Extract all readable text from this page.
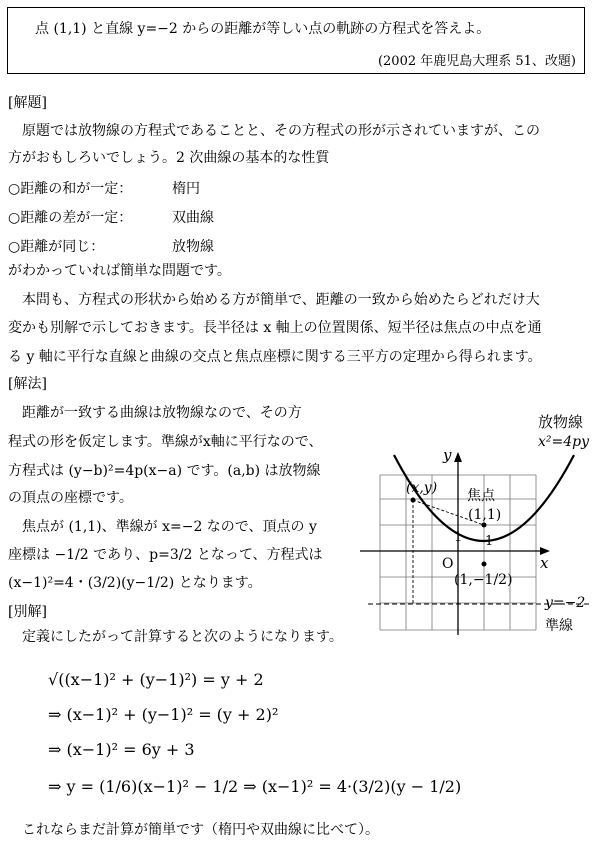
点 (1,1) と直線 y=−2 からの距離が等しい点の軌跡の方程式を答えよ。
(2002 年鹿児島大理系 51、改題)
[解題]
原題では放物線の方程式であることと、その方程式の形が示されていますが、この
方がおもしろいでしょう。2 次曲線の基本的な性質
○距離の和が一定：	楕円
○距離の差が一定：	双曲線
○距離が同じ：	放物線
がわかっていれば簡単な問題です。
本問も、方程式の形状から始める方が簡単で、距離の一致から始めたらどれだけ大
変かも別解で示しておきます。長半径は x 軸上の位置関係、短半径は焦点の中点を通
る y 軸に平行な直線と曲線の交点と焦点座標に関する三平方の定理から得られます。
[解法]
距離が一致する曲線は放物線なので、その方
程式の形を仮定します。準線がx軸に平行なので、
方程式は (y−b)²=4p(x−a) です。(a,b) は放物線
の頂点の座標です。
焦点が (1,1)、準線が x=−2 なので、頂点の y
座標は −1/2 であり、p=3/2 となって、方程式は
(x−1)²=4・(3/2)(y−1/2) となります。
放物線
x²=4py
y
x
O
(x,y) 焦点
(1,1)
1 1
(1,−1/2)
y=−2
準線
[別解]
定義にしたがって計算すると次のようになります。
√((x−1)² + (y−1)²) = y + 2
⇒ (x−1)² + (y−1)² = (y + 2)²
⇒ (x−1)² = 6y + 3
⇒ y = (1/6)(x−1)² − 1/2 ⇒ (x−1)² = 4·(3/2)(y − 1/2)
これならまだ計算が簡単です（楕円や双曲線に比べて）。
